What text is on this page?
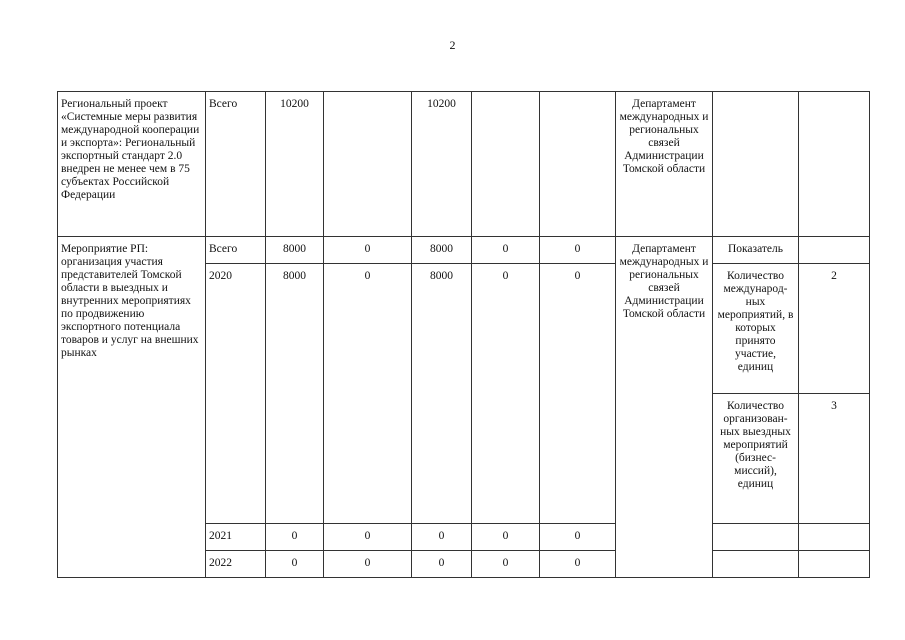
2
Региональный проект «Системные меры развития международной кооперации и экспорта»: Региональный экспортный стандарт 2.0 внедрен не менее чем в 75 субъектах Российской Федерации	Всего	10200		10200			Департамент международных и региональных связей Администрации Томской области		
Мероприятие РП: организация участия представителей Томской области в выездных и внутренних мероприятиях по продвижению экспортного потенциала товаров и услуг на внешних рынках	Всего	8000	0	8000	0	0	Департамент международных и региональных связей Администрации Томской области	Показатель	
	2020	8000	0	8000	0	0		Количество международ-ных мероприятий, в которых принято участие, единиц	2
								Количество организован-ных выездных мероприятий (бизнес-миссий), единиц	3
	2021	0	0	0	0	0			
	2022	0	0	0	0	0			
